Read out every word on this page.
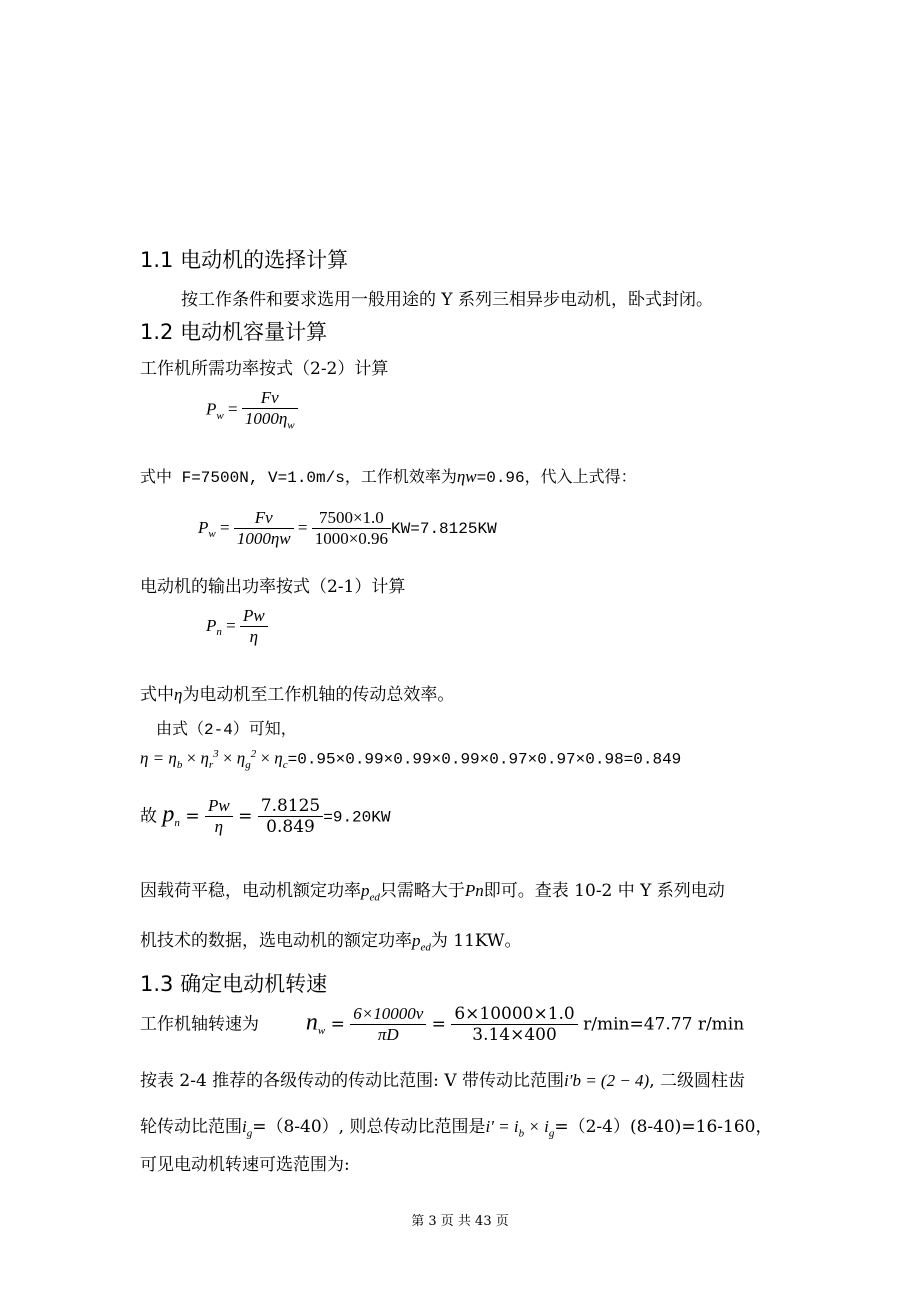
1.1 电动机的选择计算
按工作条件和要求选用一般用途的 Y 系列三相异步电动机，卧式封闭。
1.2 电动机容量计算
工作机所需功率按式（2-2）计算
$P_w = \frac{Fv}{1000\eta_w}$
式中 F=7500N, V=1.0m/s，工作机效率为ηw=0.96，代入上式得：
$P_w = \frac{Fv}{1000\eta w} = \frac{7500\times 1.0}{1000\times 0.96} KW=7.8125KW$
电动机的输出功率按式（2-1）计算
$P_n = \frac{Pw}{\eta}$
式中η为电动机至工作机轴的传动总效率。
由式（2-4）可知，
$\eta = \eta_b \times \eta_r^3 \times \eta_g^2 \times \eta_c=0.95\times 0.99\times 0.99\times 0.99\times 0.97\times 0.97\times 0.98=0.849$
故 $p_n = \frac{Pw}{\eta} = \frac{7.8125}{0.849} =9.20KW$
因载荷平稳，电动机额定功率$p_{ed}$只需略大于Pn即可。查表 10-2 中 Y 系列电动
机技术的数据，选电动机的额定功率$p_{ed}$为 11KW。
1.3 确定电动机转速
工作机轴转速为 $n_w = \frac{6\times 10000v}{\pi D} = \frac{6\times 10000\times 1.0}{3.14\times 400} r/\min=47.77$ r/min
按表 2-4 推荐的各级传动的传动比范围: V 带传动比范围i′b = (2 − 4), 二级圆柱齿
轮传动比范围$i_g=(8-40)$, 则总传动比范围是$i' = i_b \times i_g=(2-4)(8-40)=16-160$，
可见电动机转速可选范围为:
第 3 页 共 43 页
